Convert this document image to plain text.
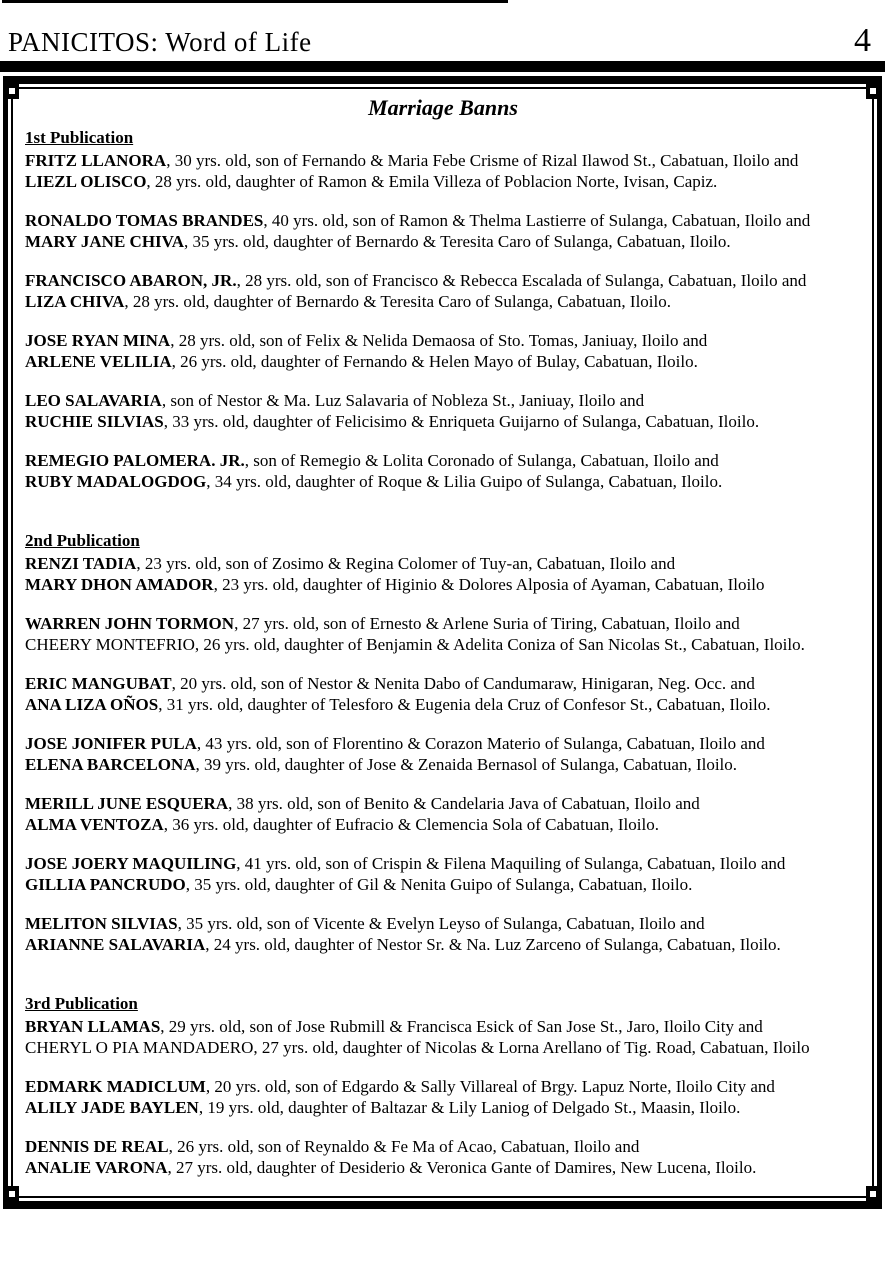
PANICITOS: Word of Life	4
Marriage Banns
1st Publication
FRITZ LLANORA, 30 yrs. old, son of Fernando & Maria Febe Crisme of Rizal Ilawod St., Cabatuan, Iloilo and
LIEZL OLISCO, 28 yrs. old, daughter of Ramon & Emila Villeza of Poblacion Norte, Ivisan, Capiz.
RONALDO TOMAS BRANDES, 40 yrs. old, son of Ramon & Thelma Lastierre of Sulanga, Cabatuan, Iloilo and
MARY JANE CHIVA, 35 yrs. old, daughter of Bernardo & Teresita Caro of Sulanga, Cabatuan, Iloilo.
FRANCISCO ABARON, JR., 28 yrs. old, son of Francisco & Rebecca Escalada of Sulanga, Cabatuan, Iloilo and
LIZA CHIVA, 28 yrs. old, daughter of Bernardo & Teresita Caro of Sulanga, Cabatuan, Iloilo.
JOSE RYAN MINA, 28 yrs. old, son of Felix & Nelida Demaosa of Sto. Tomas, Janiuay, Iloilo and
ARLENE VELILIA, 26 yrs. old, daughter of Fernando & Helen Mayo of Bulay, Cabatuan, Iloilo.
LEO SALAVARIA, son of Nestor & Ma. Luz Salavaria of Nobleza St., Janiuay, Iloilo and
RUCHIE SILVIAS, 33 yrs. old, daughter of Felicisimo & Enriqueta Guijarno of Sulanga, Cabatuan, Iloilo.
REMEGIO PALOMERA. JR., son of Remegio & Lolita Coronado of Sulanga, Cabatuan, Iloilo and
RUBY MADALOGDOG, 34 yrs. old, daughter of Roque & Lilia Guipo of Sulanga, Cabatuan, Iloilo.
2nd Publication
RENZI TADIA, 23 yrs. old, son of Zosimo & Regina Colomer of Tuy-an, Cabatuan, Iloilo and
MARY DHON AMADOR, 23 yrs. old, daughter of Higinio & Dolores Alposia of Ayaman, Cabatuan, Iloilo
WARREN JOHN TORMON, 27 yrs. old, son of Ernesto & Arlene Suria of Tiring, Cabatuan, Iloilo and
CHEERY MONTEFRIO, 26 yrs. old, daughter of Benjamin & Adelita Coniza of San Nicolas St., Cabatuan, Iloilo.
ERIC MANGUBAT, 20 yrs. old, son of Nestor & Nenita Dabo of Candumaraw, Hinigaran, Neg. Occ. and
ANA LIZA OÑOS, 31 yrs. old, daughter of Telesforo & Eugenia dela Cruz of Confesor St., Cabatuan, Iloilo.
JOSE JONIFER PULA, 43 yrs. old, son of Florentino & Corazon Materio of Sulanga, Cabatuan, Iloilo and
ELENA BARCELONA, 39 yrs. old, daughter of Jose & Zenaida Bernasol of Sulanga, Cabatuan, Iloilo.
MERILL JUNE ESQUERA, 38 yrs. old, son of Benito & Candelaria Java of Cabatuan, Iloilo and
ALMA VENTOZA, 36 yrs. old, daughter of Eufracio & Clemencia Sola of Cabatuan, Iloilo.
JOSE JOERY MAQUILING, 41 yrs. old, son of Crispin & Filena Maquiling of Sulanga, Cabatuan, Iloilo and
GILLIA PANCRUDO, 35 yrs. old, daughter of Gil & Nenita Guipo of Sulanga, Cabatuan, Iloilo.
MELITON SILVIAS, 35 yrs. old, son of Vicente & Evelyn Leyso of Sulanga, Cabatuan, Iloilo and
ARIANNE SALAVARIA, 24 yrs. old, daughter of Nestor Sr. & Na. Luz Zarceno of Sulanga, Cabatuan, Iloilo.
3rd Publication
BRYAN LLAMAS, 29 yrs. old, son of Jose Rubmill & Francisca Esick of San Jose St., Jaro, Iloilo City and
CHERYL O PIA MANDADERO, 27 yrs. old, daughter of Nicolas & Lorna Arellano of Tig. Road, Cabatuan, Iloilo
EDMARK MADICLUM, 20 yrs. old, son of Edgardo & Sally Villareal of Brgy. Lapuz Norte, Iloilo City and
ALILY JADE BAYLEN, 19 yrs. old, daughter of Baltazar & Lily Laniog of Delgado St., Maasin, Iloilo.
DENNIS DE REAL, 26 yrs. old, son of Reynaldo & Fe Ma of Acao, Cabatuan, Iloilo and
ANALIE VARONA, 27 yrs. old, daughter of Desiderio & Veronica Gante of Damires, New Lucena, Iloilo.
